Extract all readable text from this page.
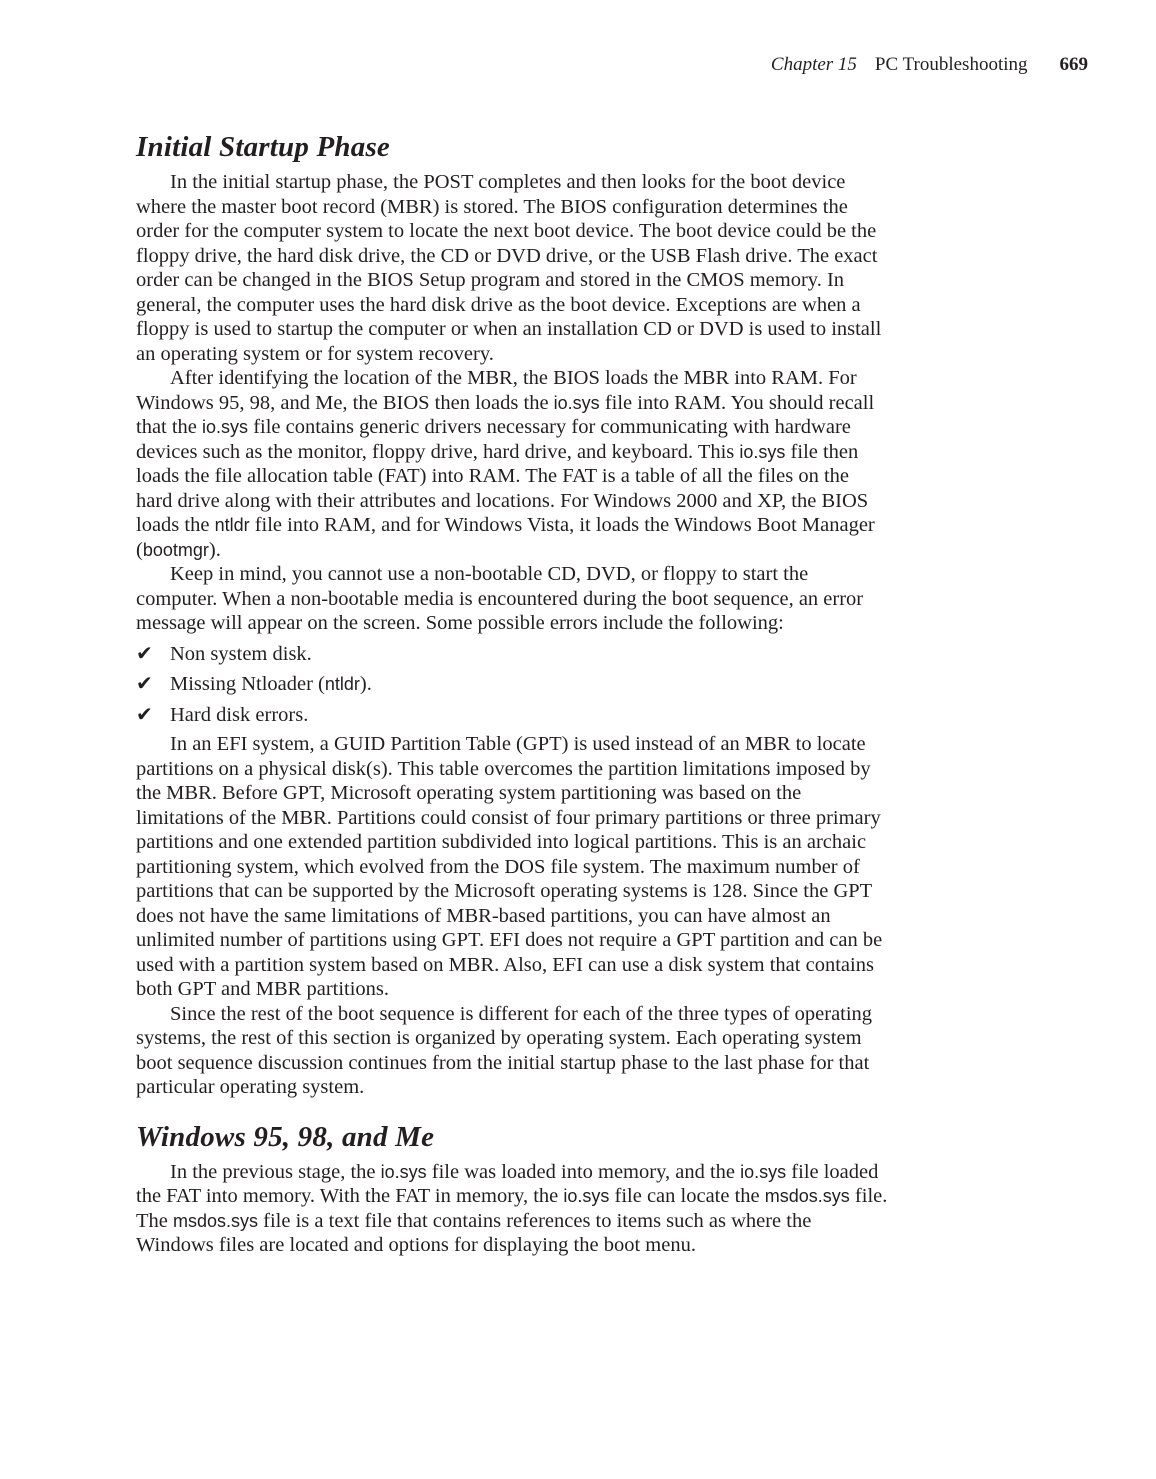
Chapter 15 PC Troubleshooting 669
Initial Startup Phase

In the initial startup phase, the POST completes and then looks for the boot device where the master boot record (MBR) is stored. The BIOS configuration determines the order for the computer system to locate the next boot device. The boot device could be the floppy drive, the hard disk drive, the CD or DVD drive, or the USB Flash drive. The exact order can be changed in the BIOS Setup program and stored in the CMOS memory. In general, the computer uses the hard disk drive as the boot device. Exceptions are when a floppy is used to startup the computer or when an installation CD or DVD is used to install an operating system or for system recovery.

After identifying the location of the MBR, the BIOS loads the MBR into RAM. For Windows 95, 98, and Me, the BIOS then loads the io.sys file into RAM. You should recall that the io.sys file contains generic drivers necessary for communicating with hardware devices such as the monitor, floppy drive, hard drive, and keyboard. This io.sys file then loads the file allocation table (FAT) into RAM. The FAT is a table of all the files on the hard drive along with their attributes and locations. For Windows 2000 and XP, the BIOS loads the ntldr file into RAM, and for Windows Vista, it loads the Windows Boot Manager (bootmgr).

Keep in mind, you cannot use a non-bootable CD, DVD, or floppy to start the computer. When a non-bootable media is encountered during the boot sequence, an error message will appear on the screen. Some possible errors include the following:

✔ Non system disk.
✔ Missing Ntloader (ntldr).
✔ Hard disk errors.

In an EFI system, a GUID Partition Table (GPT) is used instead of an MBR to locate partitions on a physical disk(s). This table overcomes the partition limitations imposed by the MBR. Before GPT, Microsoft operating system partitioning was based on the limitations of the MBR. Partitions could consist of four primary partitions or three primary partitions and one extended partition subdivided into logical partitions. This is an archaic partitioning system, which evolved from the DOS file system. The maximum number of partitions that can be supported by the Microsoft operating systems is 128. Since the GPT does not have the same limitations of MBR-based partitions, you can have almost an unlimited number of partitions using GPT. EFI does not require a GPT partition and can be used with a partition system based on MBR. Also, EFI can use a disk system that contains both GPT and MBR partitions.

Since the rest of the boot sequence is different for each of the three types of operating systems, the rest of this section is organized by operating system. Each operating system boot sequence discussion continues from the initial startup phase to the last phase for that particular operating system.

Windows 95, 98, and Me

In the previous stage, the io.sys file was loaded into memory, and the io.sys file loaded the FAT into memory. With the FAT in memory, the io.sys file can locate the msdos.sys file. The msdos.sys file is a text file that contains references to items such as where the Windows files are located and options for displaying the boot menu.
